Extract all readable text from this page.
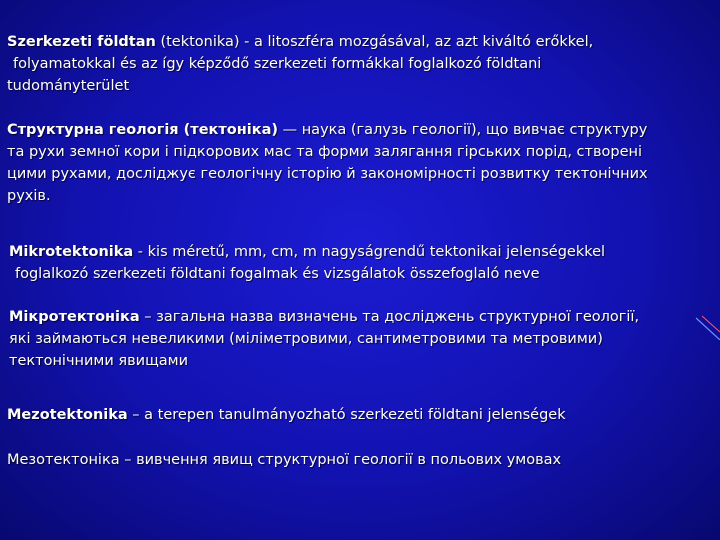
Szerkezeti földtan (tektonika) - a litoszféra mozgásával, az azt kiváltó erőkkel,
folyamatokkal és az így képződő szerkezeti formákkal foglalkozó földtani
tudományterület

Структурна геологія (тектоніка) — наука (галузь геології), що вивчає структуру
та рухи земної кори і підкорових мас та форми залягання гірських порід, створені
цими рухами, досліджує геологічну історію й закономірності розвитку тектонічних
рухів.

Mikrotektonika - kis méretű, mm, cm, m nagyságrendű tektonikai jelenségekkel
foglalkozó szerkezeti földtani fogalmak és vizsgálatok összefoglaló neve

Мікротектоніка – загальна назва визначень та досліджень структурної геології,
які займаються невеликими (міліметровими, сантиметровими та метровими)
тектонічними явищами

Mezotektonika – a terepen tanulmányozható szerkezeti földtani jelenségek

Мезотектоніка – вивчення явищ структурної геології в польових умовах
